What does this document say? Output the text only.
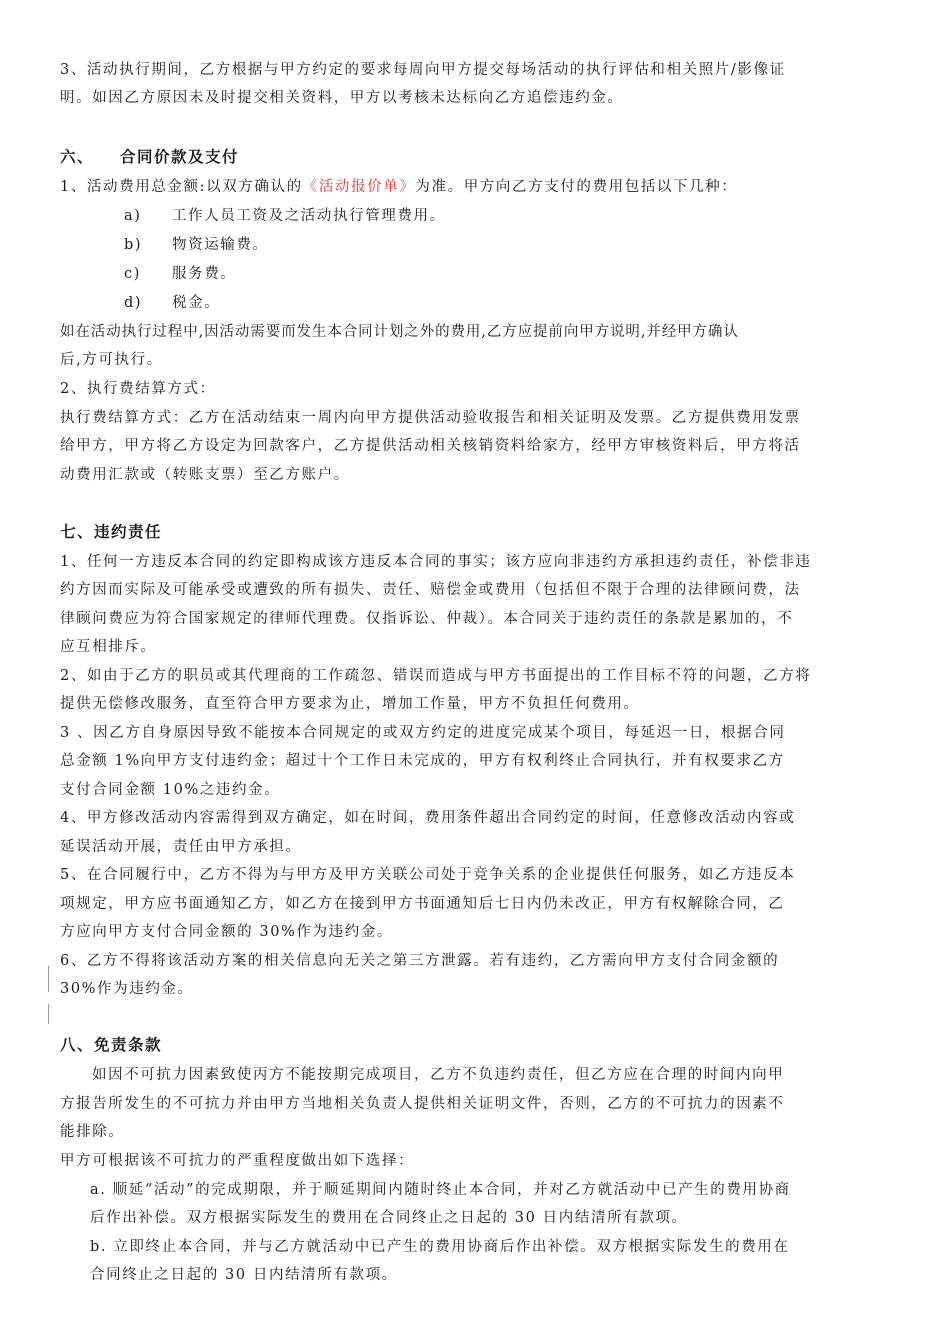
3、活动执行期间，乙方根据与甲方约定的要求每周向甲方提交每场活动的执行评估和相关照片/影像证
明。如因乙方原因未及时提交相关资料，甲方以考核未达标向乙方追偿违约金。
六、 合同价款及支付
1、活动费用总金额:以双方确认的《活动报价单》为准。甲方向乙方支付的费用包括以下几种：
a) 工作人员工资及之活动执行管理费用。
b) 物资运输费。
c) 服务费。
d) 税金。
如在活动执行过程中,因活动需要而发生本合同计划之外的费用,乙方应提前向甲方说明,并经甲方确认
后,方可执行。
2、执行费结算方式：
执行费结算方式：乙方在活动结束一周内向甲方提供活动验收报告和相关证明及发票。乙方提供费用发票
给甲方，甲方将乙方设定为回款客户，乙方提供活动相关核销资料给家方，经甲方审核资料后，甲方将活
动费用汇款或（转账支票）至乙方账户。
七、违约责任
1、任何一方违反本合同的约定即构成该方违反本合同的事实；该方应向非违约方承担违约责任，补偿非违
约方因而实际及可能承受或遭致的所有损失、责任、赔偿金或费用（包括但不限于合理的法律顾问费，法
律顾问费应为符合国家规定的律师代理费。仅指诉讼、仲裁）。本合同关于违约责任的条款是累加的，不
应互相排斥。
2、如由于乙方的职员或其代理商的工作疏忽、错误而造成与甲方书面提出的工作目标不符的问题，乙方将
提供无偿修改服务，直至符合甲方要求为止，增加工作量，甲方不负担任何费用。
3 、因乙方自身原因导致不能按本合同规定的或双方约定的进度完成某个项目，每延迟一日，根据合同
总金额 1%向甲方支付违约金；超过十个工作日未完成的，甲方有权利终止合同执行，并有权要求乙方
支付合同金额 10%之违约金。
4、甲方修改活动内容需得到双方确定，如在时间，费用条件超出合同约定的时间，任意修改活动内容或
延误活动开展，责任由甲方承担。
5、在合同履行中，乙方不得为与甲方及甲方关联公司处于竞争关系的企业提供任何服务，如乙方违反本
项规定，甲方应书面通知乙方，如乙方在接到甲方书面通知后七日内仍未改正，甲方有权解除合同，乙
方应向甲方支付合同金额的 30%作为违约金。
6、乙方不得将该活动方案的相关信息向无关之第三方泄露。若有违约，乙方需向甲方支付合同金额的
30%作为违约金。
八、免责条款
如因不可抗力因素致使丙方不能按期完成项目，乙方不负违约责任，但乙方应在合理的时间内向甲
方报告所发生的不可抗力并由甲方当地相关负责人提供相关证明文件，否则，乙方的不可抗力的因素不
能排除。
甲方可根据该不可抗力的严重程度做出如下选择：
a. 顺延“活动”的完成期限，并于顺延期间内随时终止本合同，并对乙方就活动中已产生的费用协商
后作出补偿。双方根据实际发生的费用在合同终止之日起的 30 日内结清所有款项。
b. 立即终止本合同，并与乙方就活动中已产生的费用协商后作出补偿。双方根据实际发生的费用在
合同终止之日起的 30 日内结清所有款项。
